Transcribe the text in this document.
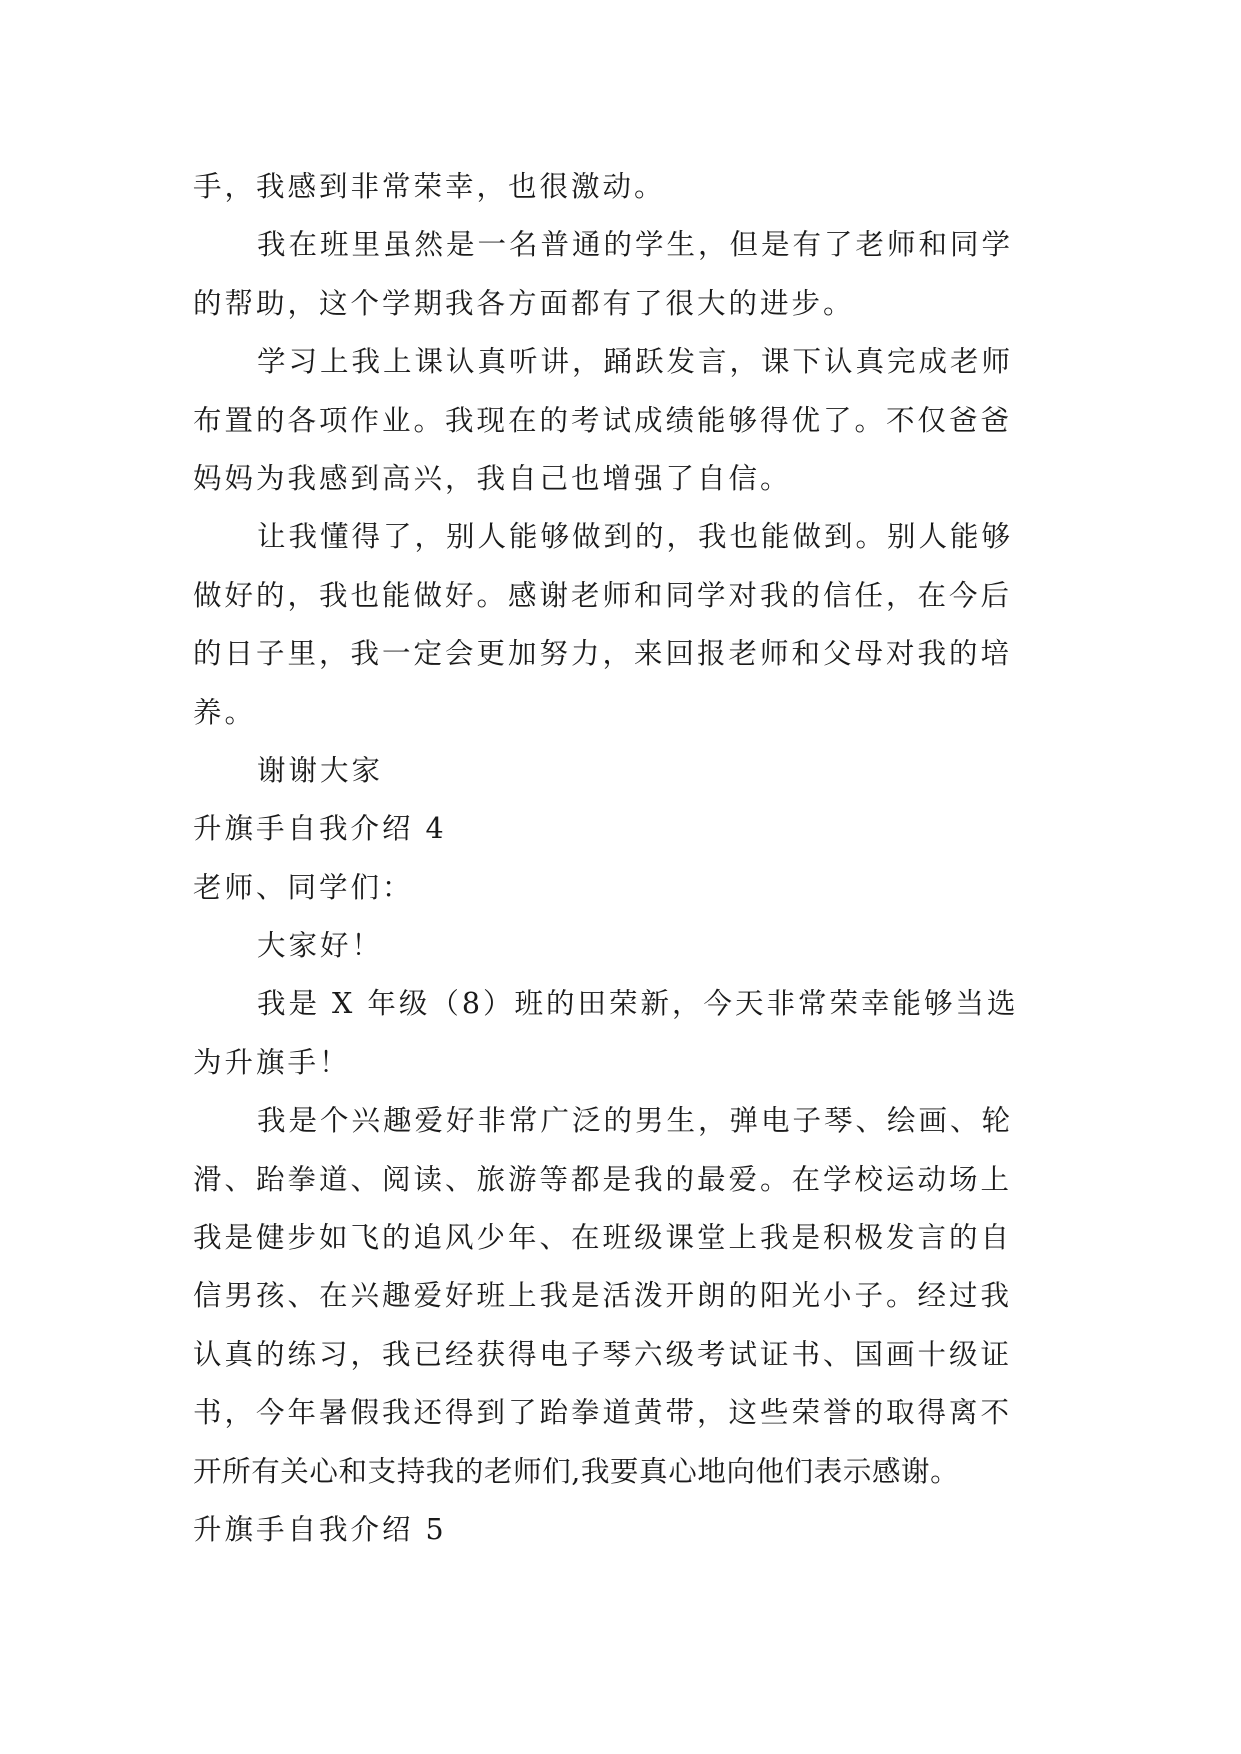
手，我感到非常荣幸，也很激动。
我在班里虽然是一名普通的学生，但是有了老师和同学
的帮助，这个学期我各方面都有了很大的进步。
学习上我上课认真听讲，踊跃发言，课下认真完成老师
布置的各项作业。我现在的考试成绩能够得优了。不仅爸爸
妈妈为我感到高兴，我自己也增强了自信。
让我懂得了，别人能够做到的，我也能做到。别人能够
做好的，我也能做好。感谢老师和同学对我的信任，在今后
的日子里，我一定会更加努力，来回报老师和父母对我的培
养。
谢谢大家
升旗手自我介绍 4
老师、同学们：
大家好！
我是 X 年级（8）班的田荣新，今天非常荣幸能够当选
为升旗手！
我是个兴趣爱好非常广泛的男生，弹电子琴、绘画、轮
滑、跆拳道、阅读、旅游等都是我的最爱。在学校运动场上
我是健步如飞的追风少年、在班级课堂上我是积极发言的自
信男孩、在兴趣爱好班上我是活泼开朗的阳光小子。经过我
认真的练习，我已经获得电子琴六级考试证书、国画十级证
书，今年暑假我还得到了跆拳道黄带，这些荣誉的取得离不
开所有关心和支持我的老师们,我要真心地向他们表示感谢。
升旗手自我介绍 5
